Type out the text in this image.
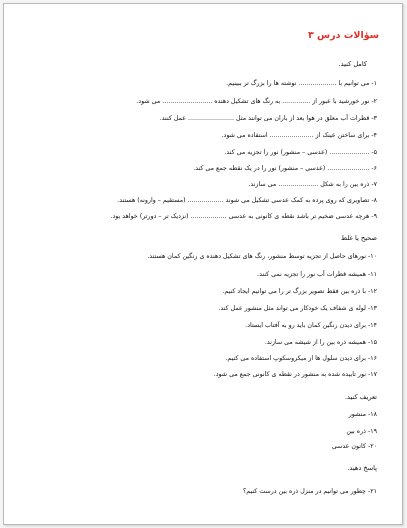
سؤالات درس ۳
کامل کنید.
۱- می توانیم با ................... نوشته ها را بزرگ تر ببینیم.
۲- نور خورشید با عبور از .............. به رنگ های تشکیل دهنده ......................... می شود.
۳- قطرات آب معلق در هوا بعد از باران می توانند مثل ....................... عمل کنند.
۴- برای ساختن عینک از ...................... استفاده می شود.
۵- .................... (عدسی – منشور) نور را تجزیه می کند.
۶- ..................... (عدسی – منشور) نور را در یک نقطه جمع می کند.
۷- ذره بین را به شکل .................... می سازند.
۸- تصاویری که روی پرده به کمک عدسی تشکیل می شوند .................. (مستقیم – وارونه) هستند.
۹- هرچه عدسی ضخیم تر باشد نقطه ی کانونی به عدسی .................. (نزدیک تر – دورتر) خواهد بود.
صحیح یا غلط
۱۰- نورهای حاصل از تجزیه توسط منشور، رنگ های تشکیل دهنده ی رنگین کمان هستند.
۱۱- همیشه قطرات آب نور را تجزیه نمی کنند.
۱۲- با ذره بین فقط تصویر بزرگ تر را می توانیم ایجاد کنیم.
۱۳- لوله ی شفاف یک خودکار می تواند مثل منشور عمل کند.
۱۴- برای دیدن رنگین کمان باید رو به آفتاب ایستاد.
۱۵- همیشه ذره بین را از شیشه می سازند.
۱۶- برای دیدن سلول ها از میکروسکوپ استفاده می کنیم.
۱۷- نور تابیده شده به منشور در نقطه ی کانونی جمع می شود.
تعریف کنید.
۱۸- منشور
۱۹- ذره بین
۲۰- کانون عدسی
پاسخ دهید.
۲۱- چطور می توانیم در منزل ذره بین درست کنیم؟
